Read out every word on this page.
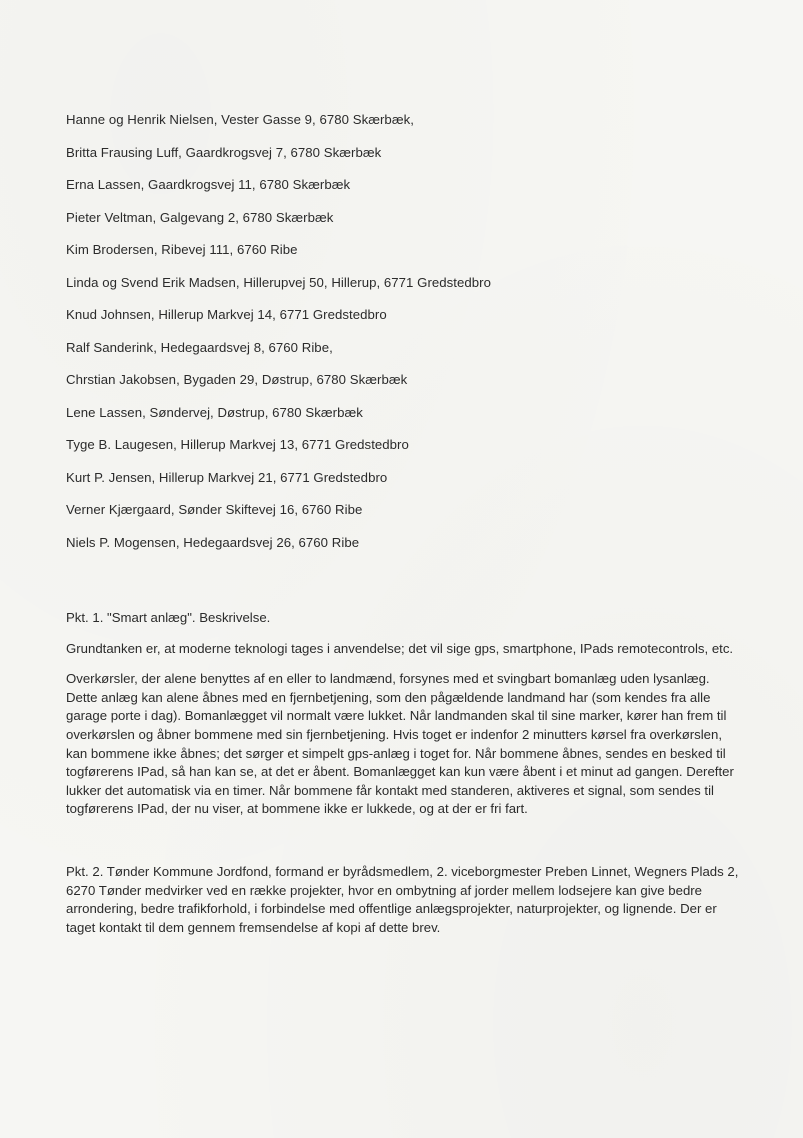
Hanne og Henrik Nielsen, Vester Gasse 9, 6780 Skærbæk,
Britta Frausing Luff, Gaardkrogsvej 7, 6780 Skærbæk
Erna Lassen, Gaardkrogsvej 11, 6780 Skærbæk
Pieter Veltman, Galgevang 2, 6780 Skærbæk
Kim Brodersen, Ribevej 111, 6760 Ribe
Linda og Svend Erik Madsen, Hillerupvej 50, Hillerup, 6771 Gredstedbro
Knud Johnsen, Hillerup Markvej 14, 6771 Gredstedbro
Ralf Sanderink, Hedegaardsvej 8, 6760 Ribe,
Chrstian Jakobsen, Bygaden 29, Døstrup, 6780 Skærbæk
Lene Lassen, Søndervej, Døstrup, 6780 Skærbæk
Tyge B. Laugesen, Hillerup Markvej 13, 6771 Gredstedbro
Kurt P. Jensen, Hillerup Markvej 21, 6771 Gredstedbro
Verner Kjærgaard, Sønder Skiftevej 16, 6760 Ribe
Niels P. Mogensen, Hedegaardsvej 26, 6760 Ribe

Pkt. 1. "Smart anlæg". Beskrivelse.

Grundtanken er, at moderne teknologi tages i anvendelse; det vil sige gps, smartphone, IPads remotecontrols, etc.

Overkørsler, der alene benyttes af en eller to landmænd, forsynes med et svingbart bomanlæg uden lysanlæg. Dette anlæg kan alene åbnes med en fjernbetjening, som den pågældende landmand har (som kendes fra alle garage porte i dag). Bomanlægget vil normalt være lukket. Når landmanden skal til sine marker, kører han frem til overkørslen og åbner bommene med sin fjernbetjening. Hvis toget er indenfor 2 minutters kørsel fra overkørslen, kan bommene ikke åbnes; det sørger et simpelt gps-anlæg i toget for. Når bommene åbnes, sendes en besked til togførerens IPad, så han kan se, at det er åbent. Bomanlægget kan kun være åbent i et minut ad gangen. Derefter lukker det automatisk via en timer. Når bommene får kontakt med standeren, aktiveres et signal, som sendes til togførerens IPad, der nu viser, at bommene ikke er lukkede, og at der er fri fart.

Pkt. 2. Tønder Kommune Jordfond, formand er byrådsmedlem, 2. viceborgmester Preben Linnet, Wegners Plads 2, 6270 Tønder medvirker ved en række projekter, hvor en ombytning af jorder mellem lodsejere kan give bedre arrondering, bedre trafikforhold, i forbindelse med offentlige anlægsprojekter, naturprojekter, og lignende. Der er taget kontakt til dem gennem fremsendelse af kopi af dette brev.
